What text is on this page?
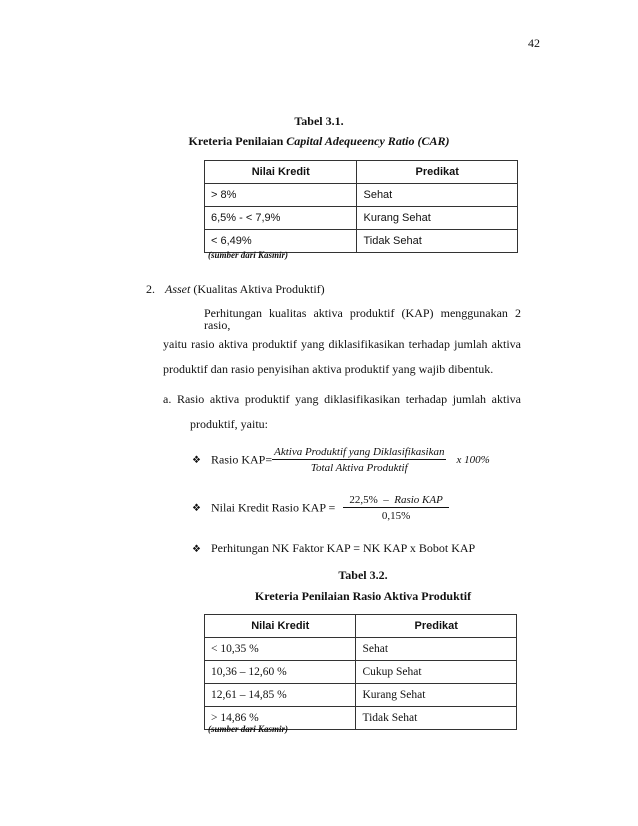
42
Tabel 3.1.
Kreteria Penilaian Capital Adequeency Ratio (CAR)
Nilai Kredit	Predikat
> 8%	Sehat
6,5% - < 7,9%	Kurang Sehat
< 6,49%	Tidak Sehat
(sumber dari Kasmir)
2. Asset (Kualitas Aktiva Produktif)
Perhitungan kualitas aktiva produktif (KAP) menggunakan 2 rasio,
yaitu rasio aktiva produktif yang diklasifikasikan terhadap jumlah aktiva
produktif dan rasio penyisihan aktiva produktif yang wajib dibentuk.
a. Rasio aktiva produktif yang diklasifikasikan terhadap jumlah aktiva
produktif, yaitu:
❖ Rasio $KAP= \frac{\text{Aktiva Produktif yang Diklasifikasikan}}{\text{Total Aktiva Produktif}}$ x 100%
❖ Nilai Kredit Rasio KAP = $\frac{\text{22,5\%  –  Rasio KAP}}{0,15\%}$
❖ Perhitungan NK Faktor KAP = NK KAP x Bobot KAP
Tabel 3.2.
Kreteria Penilaian Rasio Aktiva Produktif
Nilai Kredit	Predikat
< 10,35 %	Sehat
10,36 – 12,60 %	Cukup Sehat
12,61 – 14,85 %	Kurang Sehat
> 14,86 %	Tidak Sehat
(sumber dari Kasmir)
